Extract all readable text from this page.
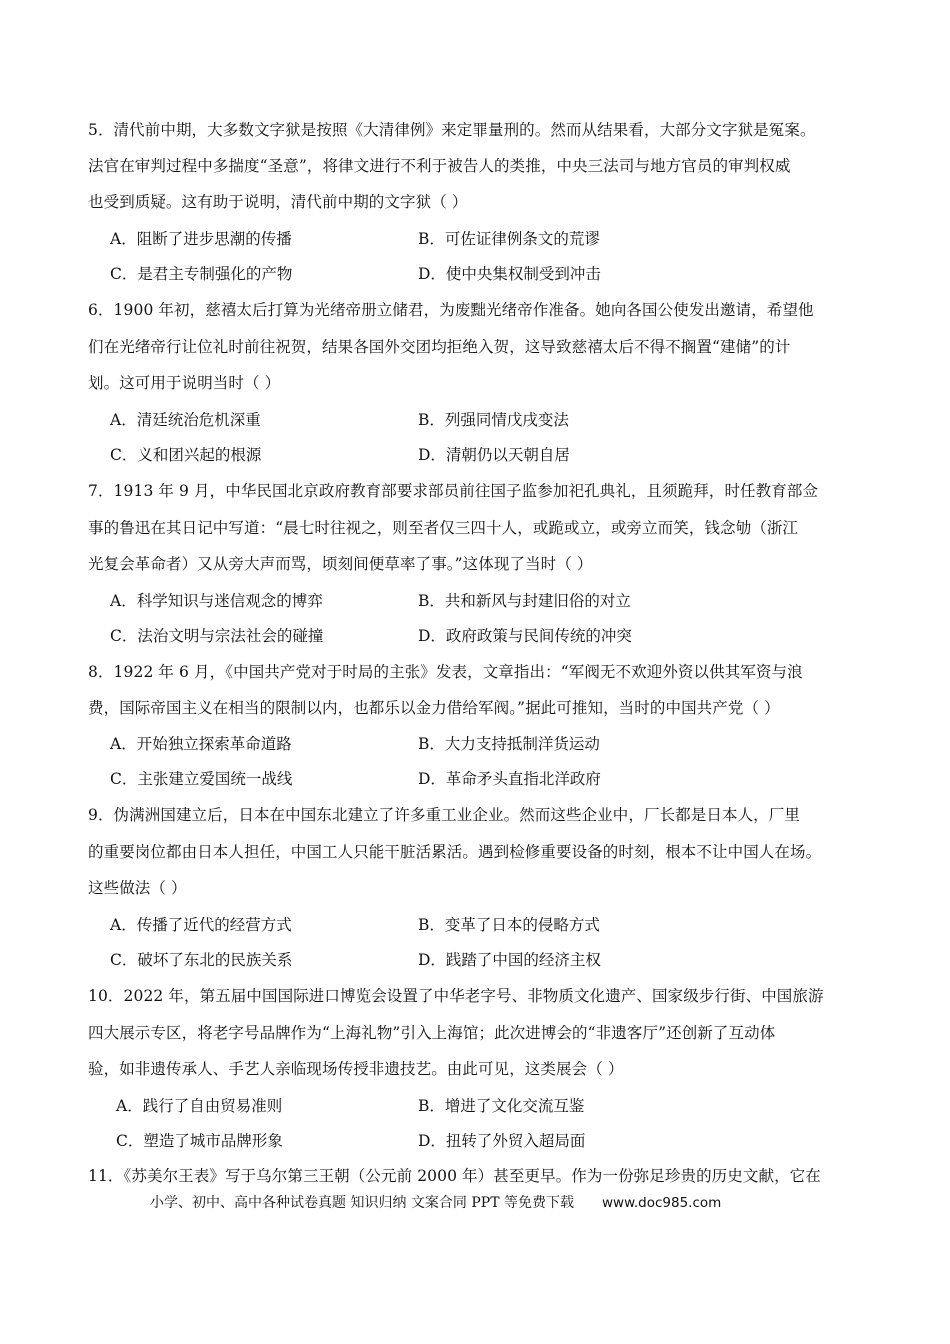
5．清代前中期，大多数文字狱是按照《大清律例》来定罪量刑的。然而从结果看，大部分文字狱是冤案。
法官在审判过程中多揣度“圣意”，将律文进行不利于被告人的类推，中央三法司与地方官员的审判权威
也受到质疑。这有助于说明，清代前中期的文字狱（ ）
A．阻断了进步思潮的传播	B．可佐证律例条文的荒谬
C．是君主专制强化的产物	D．使中央集权制受到冲击
6．1900 年初，慈禧太后打算为光绪帝册立储君，为废黜光绪帝作准备。她向各国公使发出邀请，希望他
们在光绪帝行让位礼时前往祝贺，结果各国外交团均拒绝入贺，这导致慈禧太后不得不搁置“建储”的计
划。这可用于说明当时（ ）
A．清廷统治危机深重	B．列强同情戊戌变法
C．义和团兴起的根源	D．清朝仍以天朝自居
7．1913 年 9 月，中华民国北京政府教育部要求部员前往国子监参加祀孔典礼，且须跪拜，时任教育部佥
事的鲁迅在其日记中写道：“晨七时往视之，则至者仅三四十人，或跪或立，或旁立而笑，钱念劬（浙江
光复会革命者）又从旁大声而骂，顷刻间便草率了事。”这体现了当时（ ）
A．科学知识与迷信观念的博弈	B．共和新风与封建旧俗的对立
C．法治文明与宗法社会的碰撞	D．政府政策与民间传统的冲突
8．1922 年 6 月，《中国共产党对于时局的主张》发表，文章指出：“军阀无不欢迎外资以供其军资与浪
费，国际帝国主义在相当的限制以内，也都乐以金力借给军阀。”据此可推知，当时的中国共产党（ ）
A．开始独立探索革命道路	B．大力支持抵制洋货运动
C．主张建立爱国统一战线	D．革命矛头直指北洋政府
9．伪满洲国建立后，日本在中国东北建立了许多重工业企业。然而这些企业中，厂长都是日本人，厂里
的重要岗位都由日本人担任，中国工人只能干脏活累活。遇到检修重要设备的时刻，根本不让中国人在场。
这些做法（ ）
A．传播了近代的经营方式	B．变革了日本的侵略方式
C．破坏了东北的民族关系	D．践踏了中国的经济主权
10．2022 年，第五届中国国际进口博览会设置了中华老字号、非物质文化遗产、国家级步行街、中国旅游
四大展示专区，将老字号品牌作为“上海礼物”引入上海馆；此次进博会的“非遗客厅”还创新了互动体
验，如非遗传承人、手艺人亲临现场传授非遗技艺。由此可见，这类展会（ ）
A．践行了自由贸易准则	B．增进了文化交流互鉴
C．塑造了城市品牌形象	D．扭转了外贸入超局面
11．《苏美尔王表》写于乌尔第三王朝（公元前 2000 年）甚至更早。作为一份弥足珍贵的历史文献，它在
小学、初中、高中各种试卷真题 知识归纳 文案合同 PPT 等免费下载 www.doc985.com
